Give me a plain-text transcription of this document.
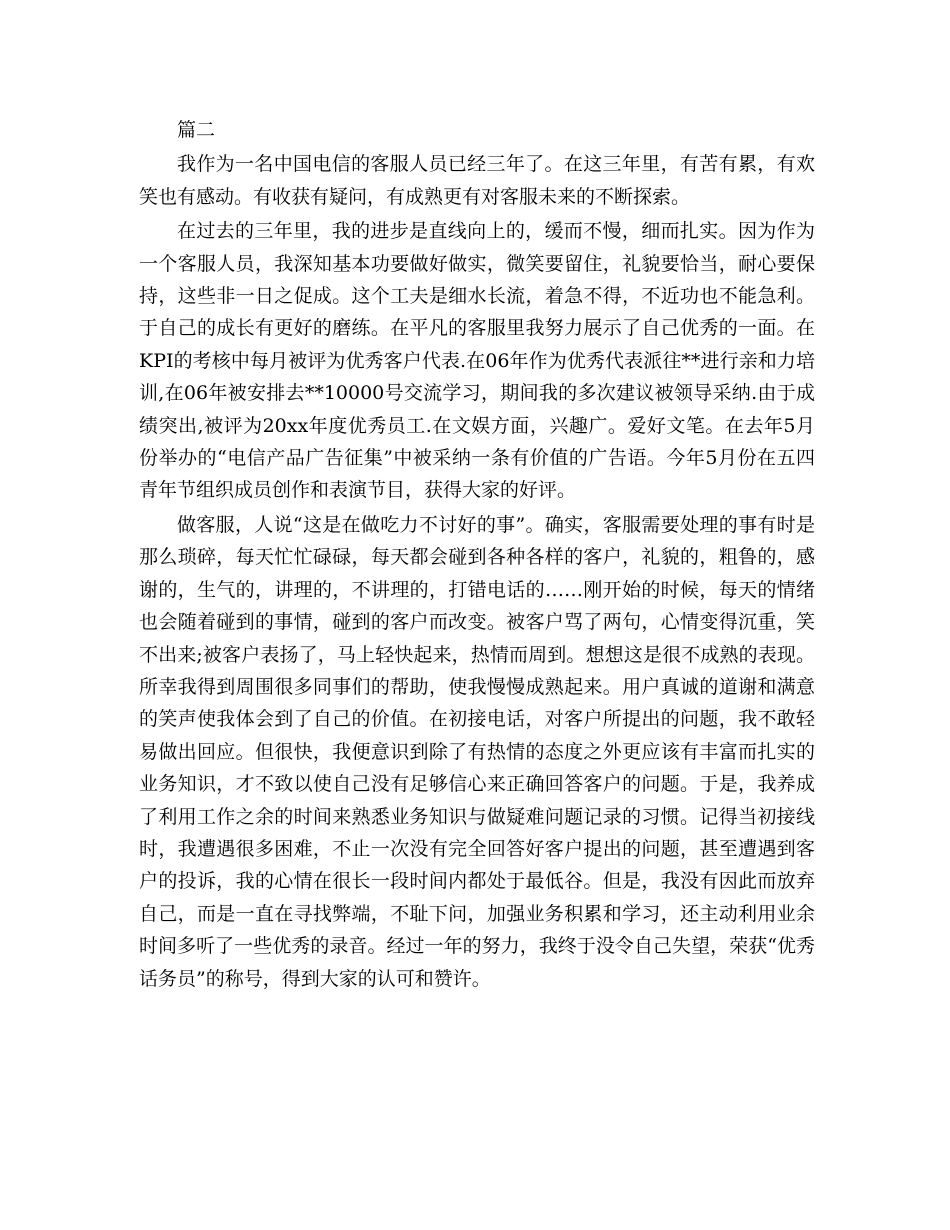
篇二

我作为一名中国电信的客服人员已经三年了。在这三年里，有苦有累，有欢笑也有感动。有收获有疑问，有成熟更有对客服未来的不断探索。

在过去的三年里，我的进步是直线向上的，缓而不慢，细而扎实。因为作为一个客服人员，我深知基本功要做好做实，微笑要留住，礼貌要恰当，耐心要保持，这些非一日之促成。这个工夫是细水长流，着急不得，不近功也不能急利。于自己的成长有更好的磨练。在平凡的客服里我努力展示了自己优秀的一面。在KPI的考核中每月被评为优秀客户代表.在06年作为优秀代表派往**进行亲和力培训,在06年被安排去**10000号交流学习，期间我的多次建议被领导采纳.由于成绩突出,被评为20xx年度优秀员工.在文娱方面，兴趣广。爱好文笔。在去年5月份举办的“电信产品广告征集”中被采纳一条有价值的广告语。今年5月份在五四青年节组织成员创作和表演节目，获得大家的好评。

做客服，人说“这是在做吃力不讨好的事”。确实，客服需要处理的事有时是那么琐碎，每天忙忙碌碌，每天都会碰到各种各样的客户，礼貌的，粗鲁的，感谢的，生气的，讲理的，不讲理的，打错电话的……刚开始的时候，每天的情绪也会随着碰到的事情，碰到的客户而改变。被客户骂了两句，心情变得沉重，笑不出来;被客户表扬了，马上轻快起来，热情而周到。想想这是很不成熟的表现。所幸我得到周围很多同事们的帮助，使我慢慢成熟起来。用户真诚的道谢和满意的笑声使我体会到了自己的价值。在初接电话，对客户所提出的问题，我不敢轻易做出回应。但很快，我便意识到除了有热情的态度之外更应该有丰富而扎实的业务知识，才不致以使自己没有足够信心来正确回答客户的问题。于是，我养成了利用工作之余的时间来熟悉业务知识与做疑难问题记录的习惯。记得当初接线时，我遭遇很多困难，不止一次没有完全回答好客户提出的问题，甚至遭遇到客户的投诉，我的心情在很长一段时间内都处于最低谷。但是，我没有因此而放弃自己，而是一直在寻找弊端，不耻下问，加强业务积累和学习，还主动利用业余时间多听了一些优秀的录音。经过一年的努力，我终于没令自己失望，荣获“优秀话务员”的称号，得到大家的认可和赞许。
